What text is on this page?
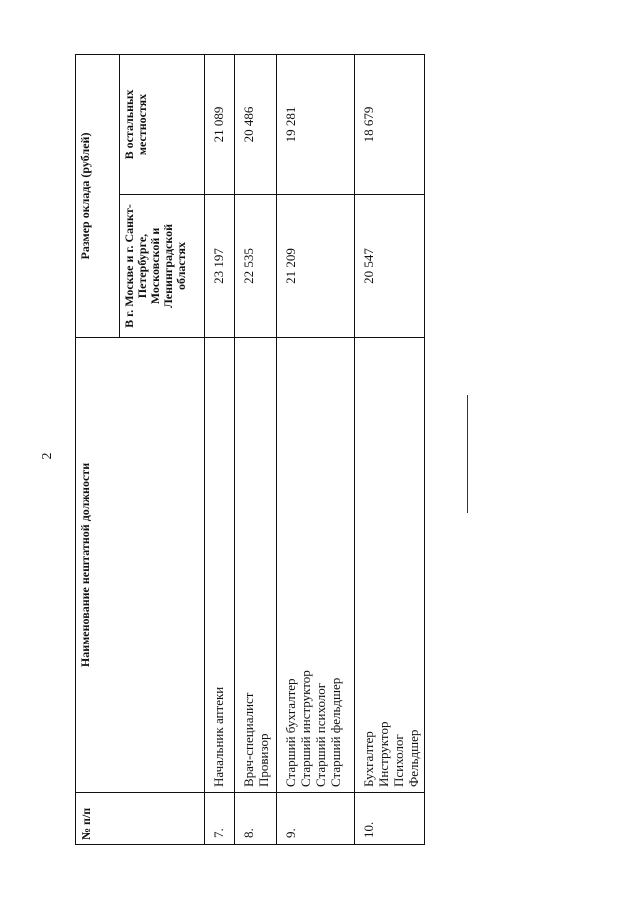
2
№ п/п	Наименование нештатной должности	Размер оклада (рублей)	
		В г. Москве и г. Санкт-Петербурге, Московской и Ленинградской областях	В остальных местностях
7.	Начальник аптеки	23 197	21 089
8.	Врач-специалист Провизор	22 535	20 486
9.	Старший бухгалтер Старший инструктор Старший психолог Старший фельдшер	21 209	19 281
10.	Бухгалтер Инструктор Психолог Фельдшер	20 547	18 679
